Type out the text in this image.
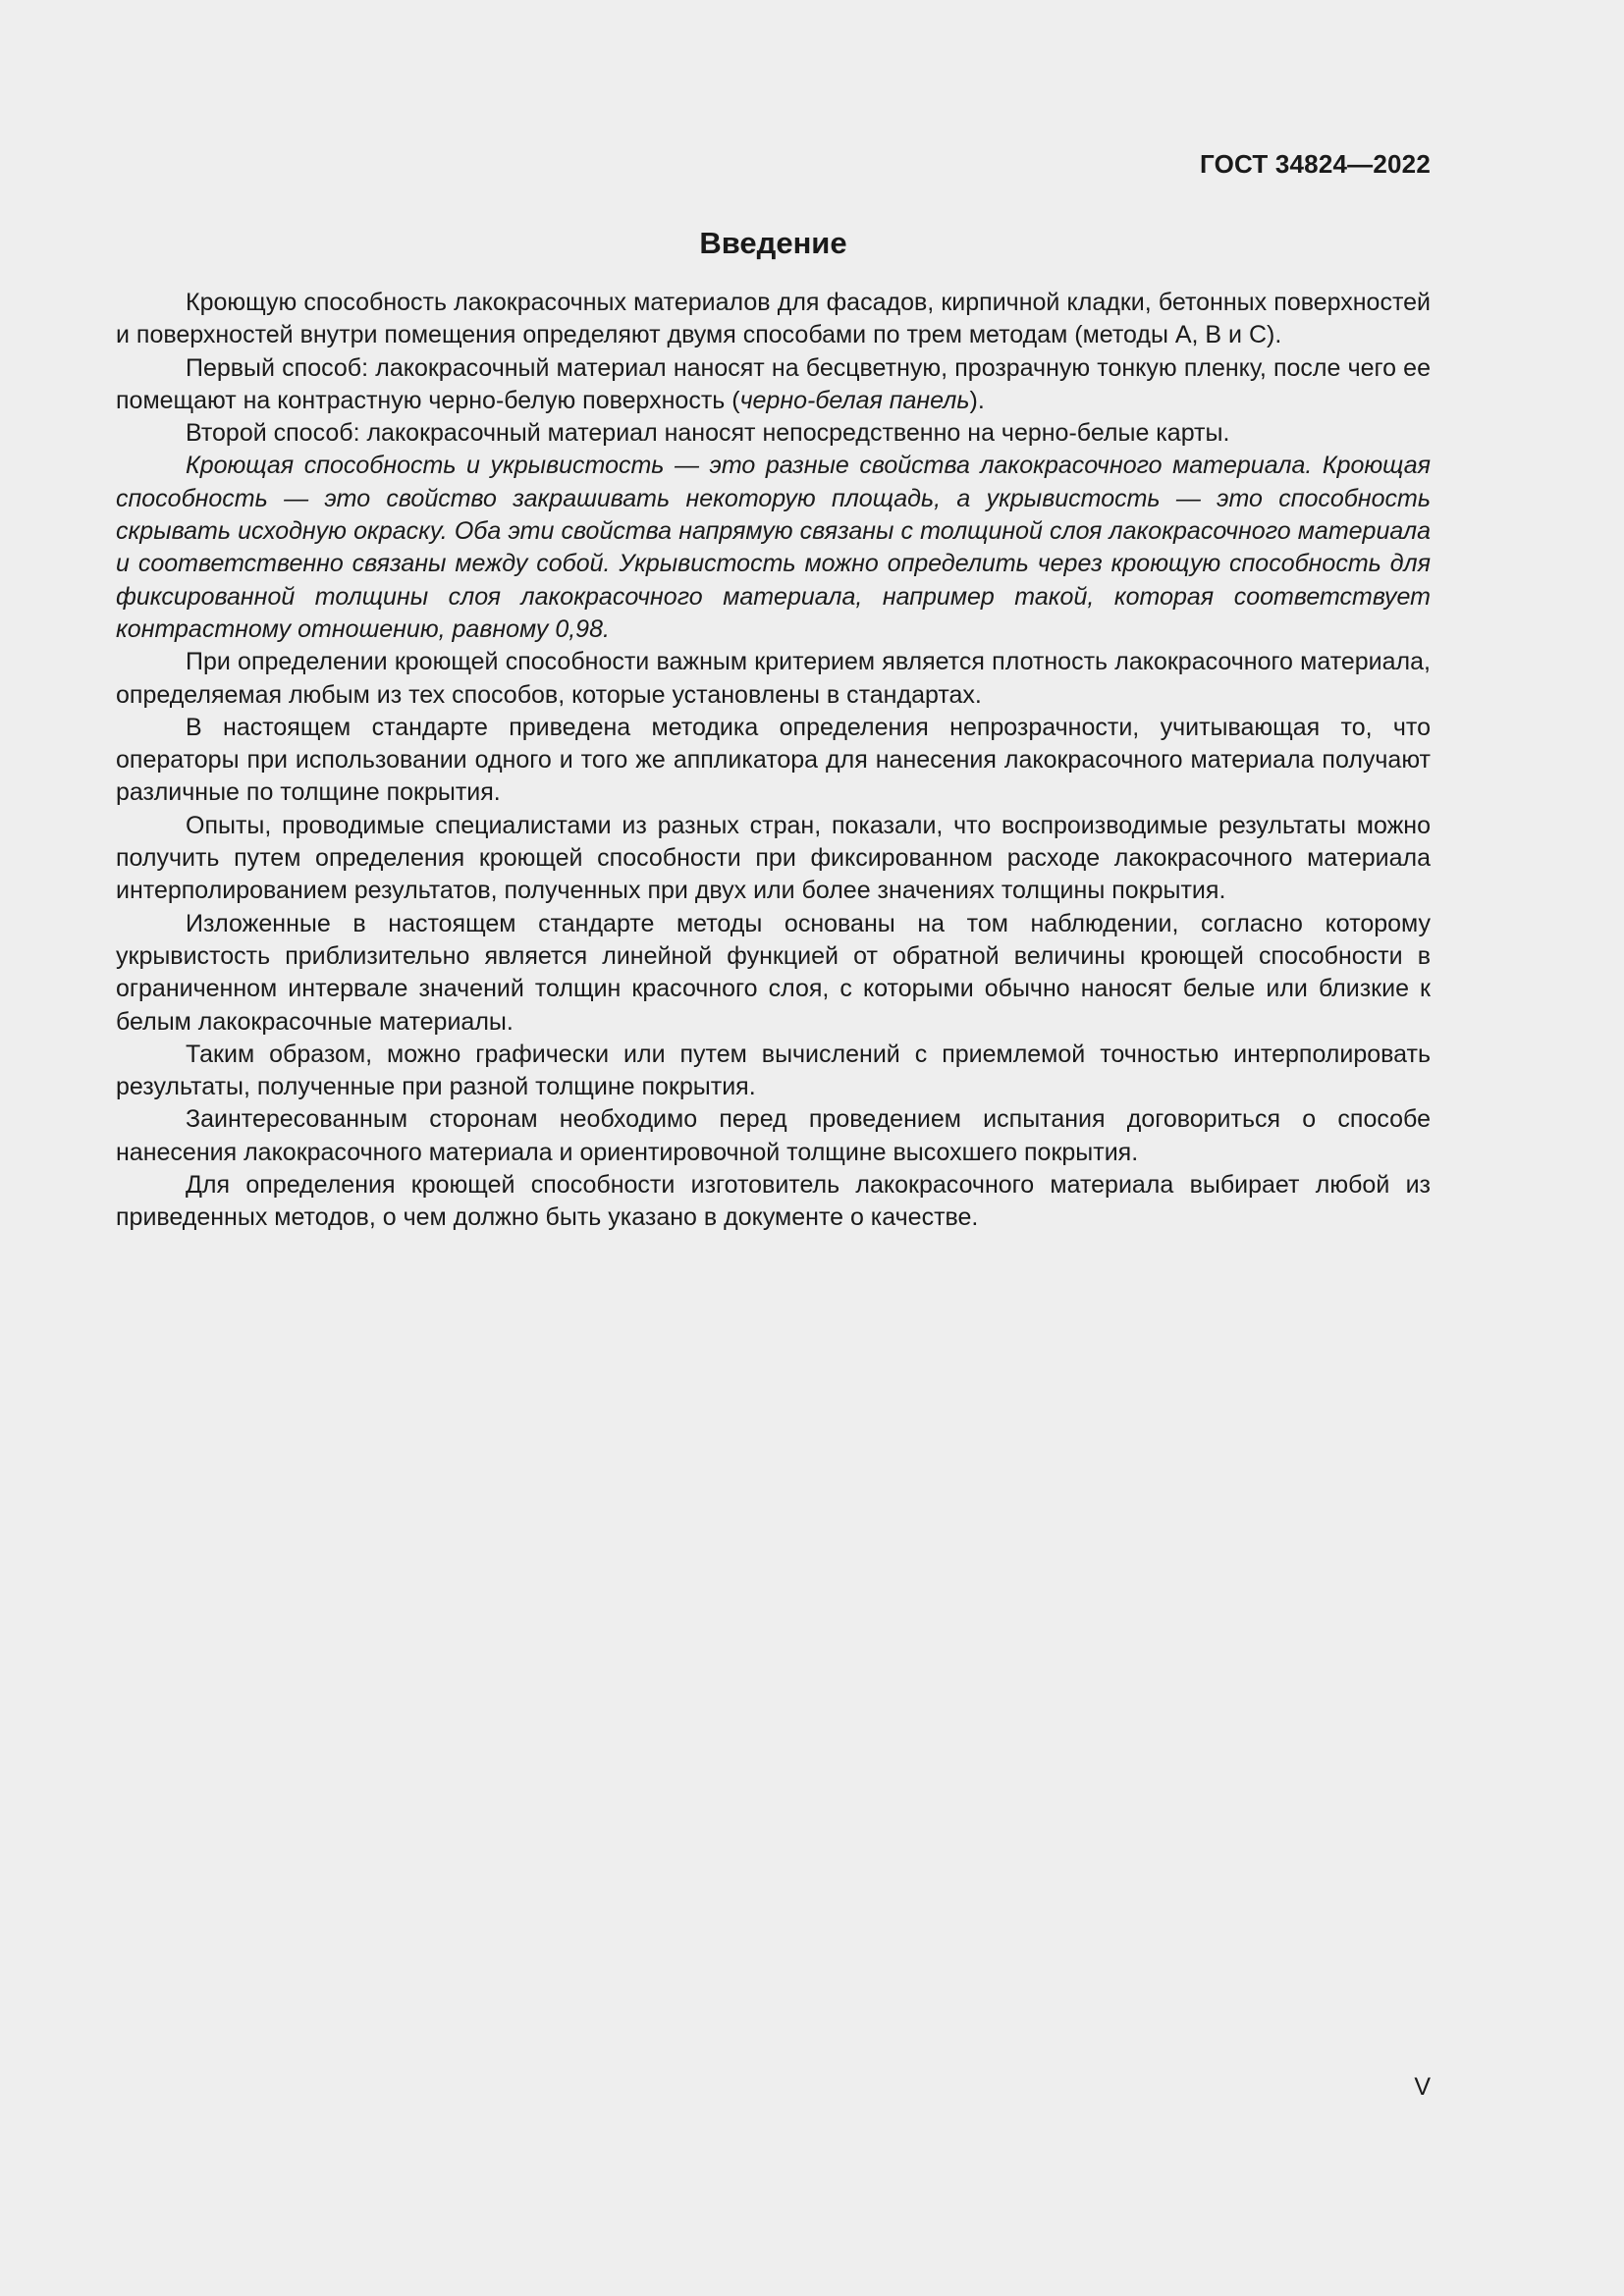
ГОСТ 34824—2022
Введение

Кроющую способность лакокрасочных материалов для фасадов, кирпичной кладки, бетонных поверхностей и поверхностей внутри помещения определяют двумя способами по трем методам (методы А, В и С).

Первый способ: лакокрасочный материал наносят на бесцветную, прозрачную тонкую пленку, после чего ее помещают на контрастную черно-белую поверхность (черно-белая панель).

Второй способ: лакокрасочный материал наносят непосредственно на черно-белые карты.

Кроющая способность и укрывистость — это разные свойства лакокрасочного материала. Кроющая способность — это свойство закрашивать некоторую площадь, а укрывистость — это способность скрывать исходную окраску. Оба эти свойства напрямую связаны с толщиной слоя лакокрасочного материала и соответственно связаны между собой. Укрывистость можно определить через кроющую способность для фиксированной толщины слоя лакокрасочного материала, например такой, которая соответствует контрастному отношению, равному 0,98.

При определении кроющей способности важным критерием является плотность лакокрасочного материала, определяемая любым из тех способов, которые установлены в стандартах.

В настоящем стандарте приведена методика определения непрозрачности, учитывающая то, что операторы при использовании одного и того же аппликатора для нанесения лакокрасочного материала получают различные по толщине покрытия.

Опыты, проводимые специалистами из разных стран, показали, что воспроизводимые результаты можно получить путем определения кроющей способности при фиксированном расходе лакокрасочного материала интерполированием результатов, полученных при двух или более значениях толщины покрытия.

Изложенные в настоящем стандарте методы основаны на том наблюдении, согласно которому укрывистость приблизительно является линейной функцией от обратной величины кроющей способности в ограниченном интервале значений толщин красочного слоя, с которыми обычно наносят белые или близкие к белым лакокрасочные материалы.

Таким образом, можно графически или путем вычислений с приемлемой точностью интерполировать результаты, полученные при разной толщине покрытия.

Заинтересованным сторонам необходимо перед проведением испытания договориться о способе нанесения лакокрасочного материала и ориентировочной толщине высохшего покрытия.

Для определения кроющей способности изготовитель лакокрасочного материала выбирает любой из приведенных методов, о чем должно быть указано в документе о качестве.

V
